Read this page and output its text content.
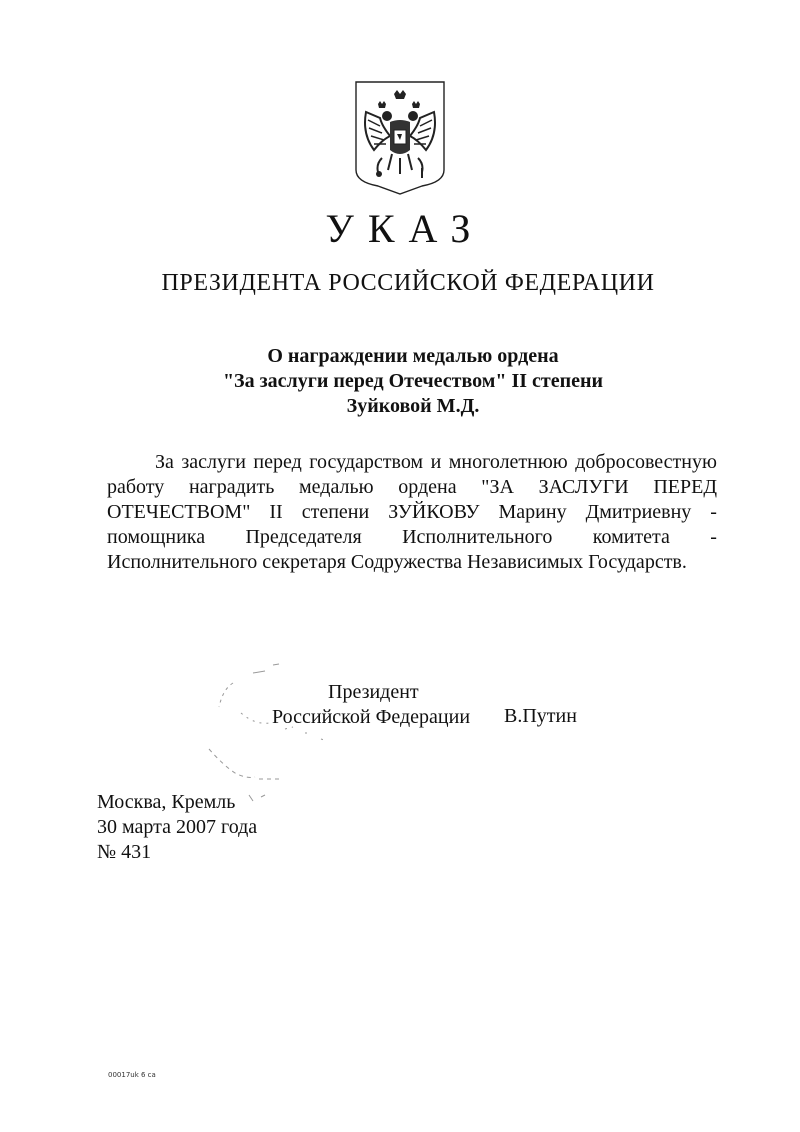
УКАЗ
ПРЕЗИДЕНТА РОССИЙСКОЙ ФЕДЕРАЦИИ
О награждении медалью ордена
"За заслуги перед Отечеством" II степени
Зуйковой М.Д.
За заслуги перед государством и многолетнюю добросовестную
работу наградить медалью ордена "ЗА ЗАСЛУГИ ПЕРЕД
ОТЕЧЕСТВОМ" II степени ЗУЙКОВУ Марину Дмитриевну -
помощника Председателя Исполнительного комитета -
Исполнительного секретаря Содружества Независимых Государств.
Президент
Российской Федерации В.Путин
Москва, Кремль
30 марта 2007 года
№ 431
00017uk 6 ca
